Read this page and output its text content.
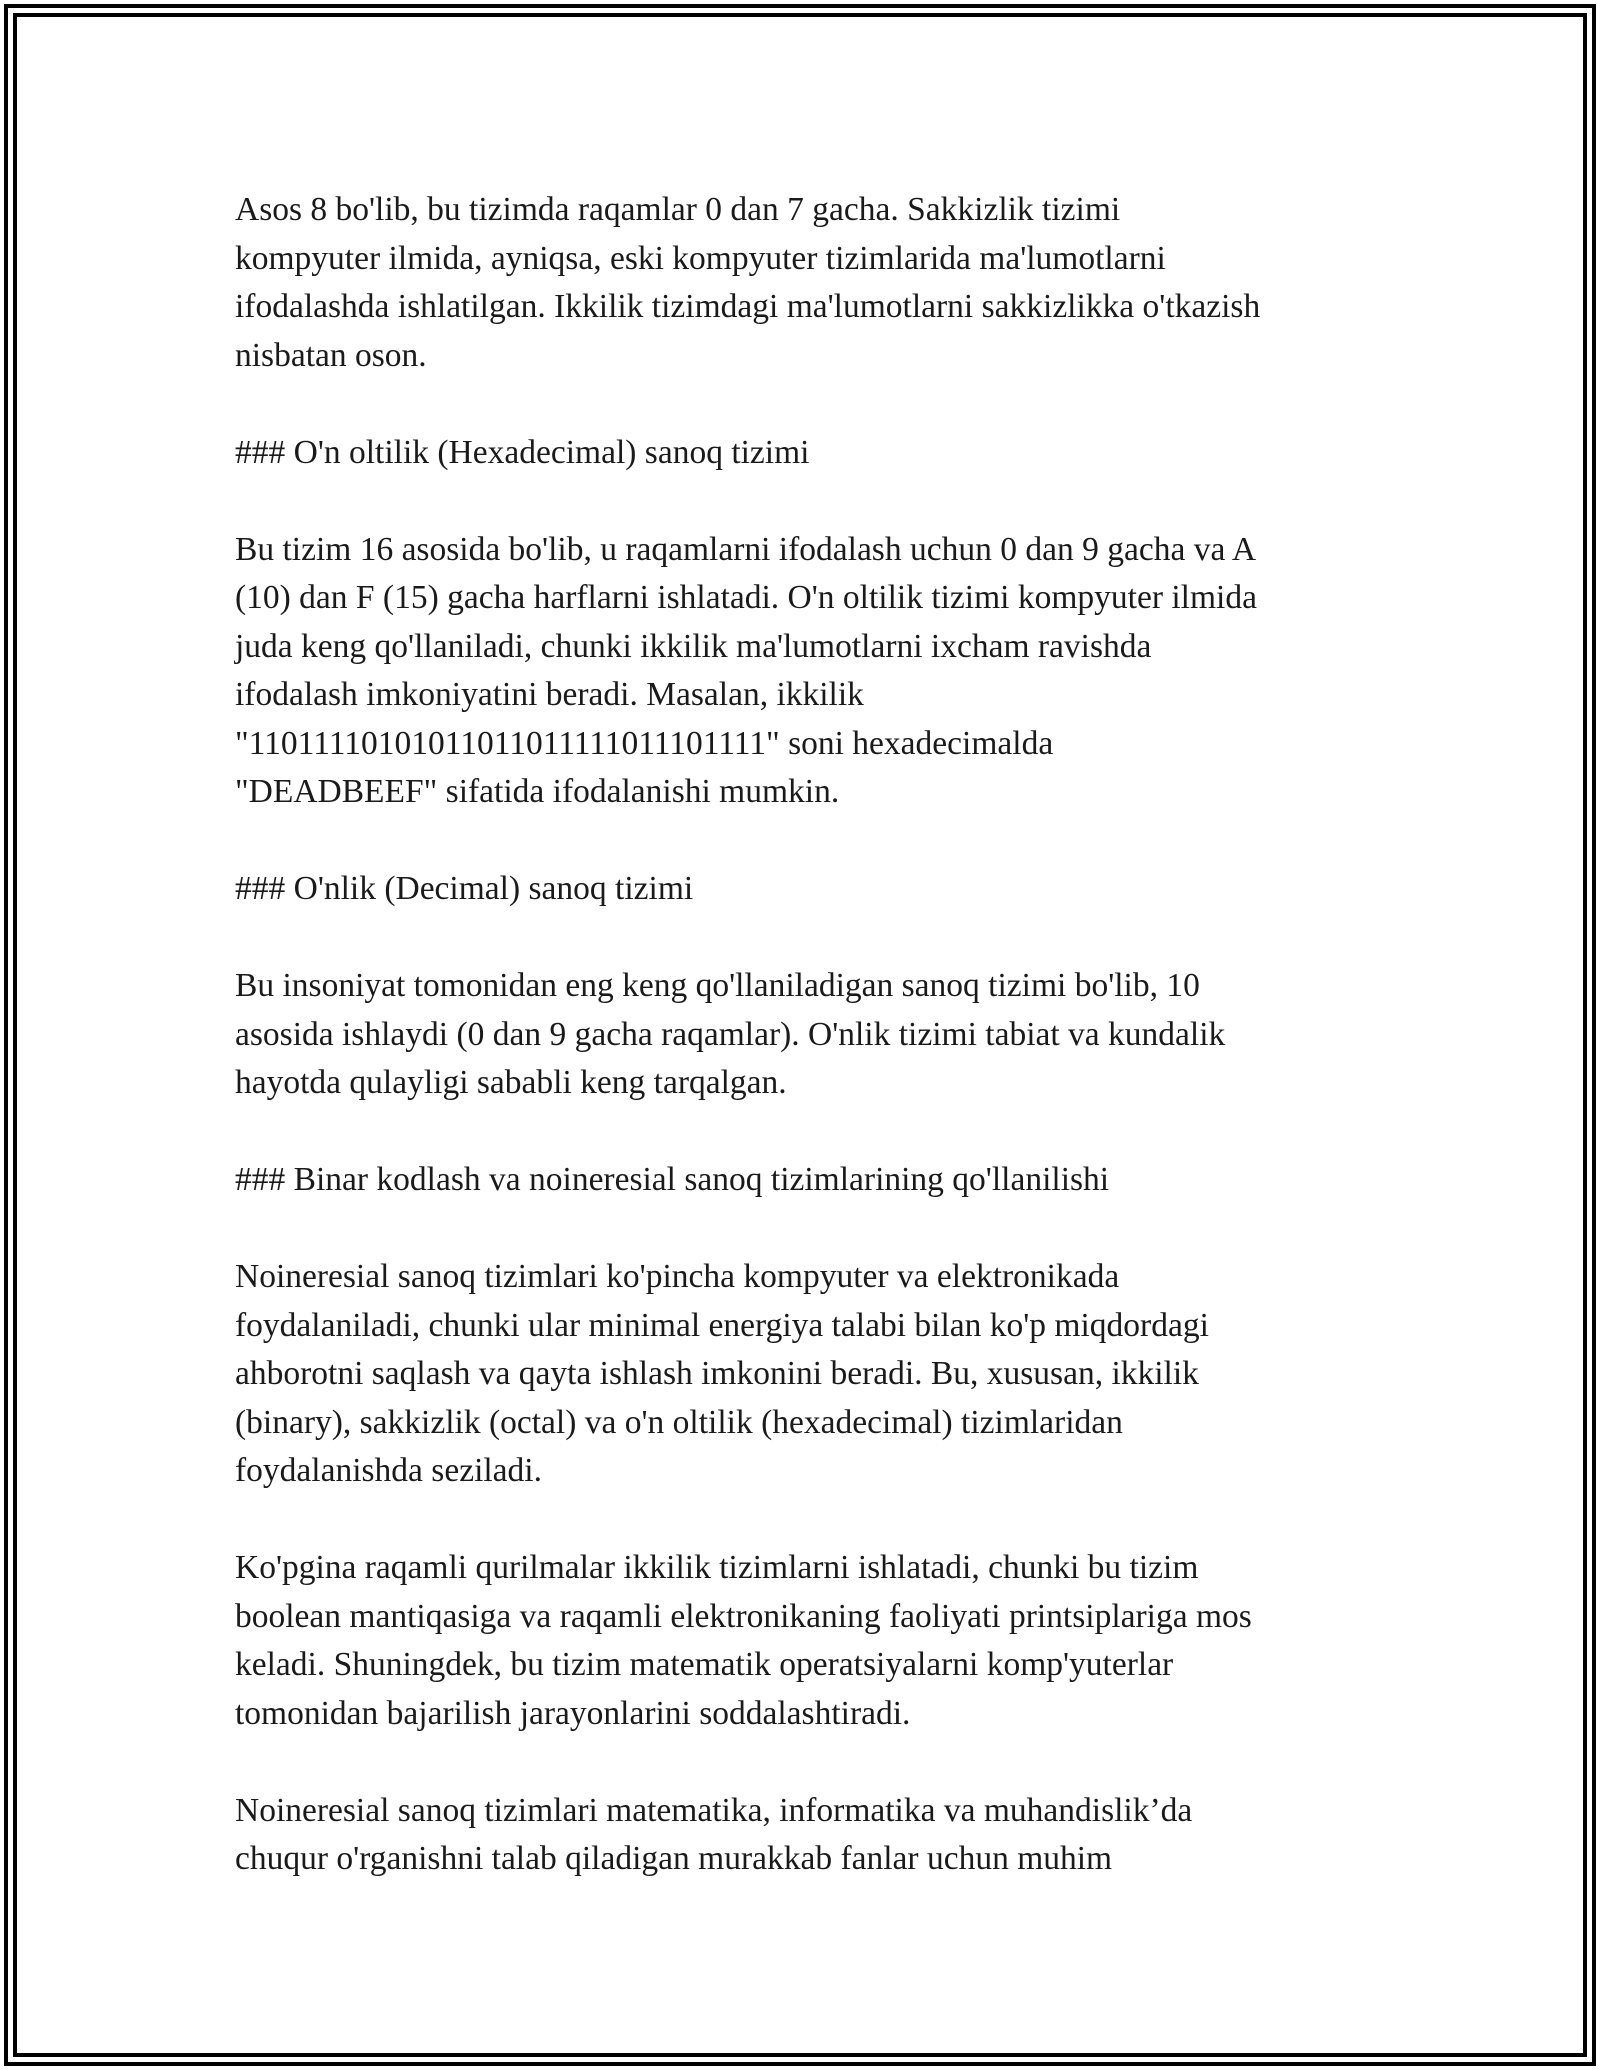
Asos 8 bo'lib, bu tizimda raqamlar 0 dan 7 gacha. Sakkizlik tizimi
kompyuter ilmida, ayniqsa, eski kompyuter tizimlarida ma'lumotlarni
ifodalashda ishlatilgan. Ikkilik tizimdagi ma'lumotlarni sakkizlikka o'tkazish
nisbatan oson.

### O'n oltilik (Hexadecimal) sanoq tizimi

Bu tizim 16 asosida bo'lib, u raqamlarni ifodalash uchun 0 dan 9 gacha va A
(10) dan F (15) gacha harflarni ishlatadi. O'n oltilik tizimi kompyuter ilmida
juda keng qo'llaniladi, chunki ikkilik ma'lumotlarni ixcham ravishda
ifodalash imkoniyatini beradi. Masalan, ikkilik
"11011110101011011011111011101111" soni hexadecimalda
"DEADBEEF" sifatida ifodalanishi mumkin.

### O'nlik (Decimal) sanoq tizimi

Bu insoniyat tomonidan eng keng qo'llaniladigan sanoq tizimi bo'lib, 10
asosida ishlaydi (0 dan 9 gacha raqamlar). O'nlik tizimi tabiat va kundalik
hayotda qulayligi sababli keng tarqalgan.

### Binar kodlash va noineresial sanoq tizimlarining qo'llanilishi

Noineresial sanoq tizimlari ko'pincha kompyuter va elektronikada
foydalaniladi, chunki ular minimal energiya talabi bilan ko'p miqdordagi
ahborotni saqlash va qayta ishlash imkonini beradi. Bu, xususan, ikkilik
(binary), sakkizlik (octal) va o'n oltilik (hexadecimal) tizimlaridan
foydalanishda seziladi.

Ko'pgina raqamli qurilmalar ikkilik tizimlarni ishlatadi, chunki bu tizim
boolean mantiqasiga va raqamli elektronikaning faoliyati printsiplariga mos
keladi. Shuningdek, bu tizim matematik operatsiyalarni komp'yuterlar
tomonidan bajarilish jarayonlarini soddalashtiradi.

Noineresial sanoq tizimlari matematika, informatika va muhandislik’da
chuqur o'rganishni talab qiladigan murakkab fanlar uchun muhim
